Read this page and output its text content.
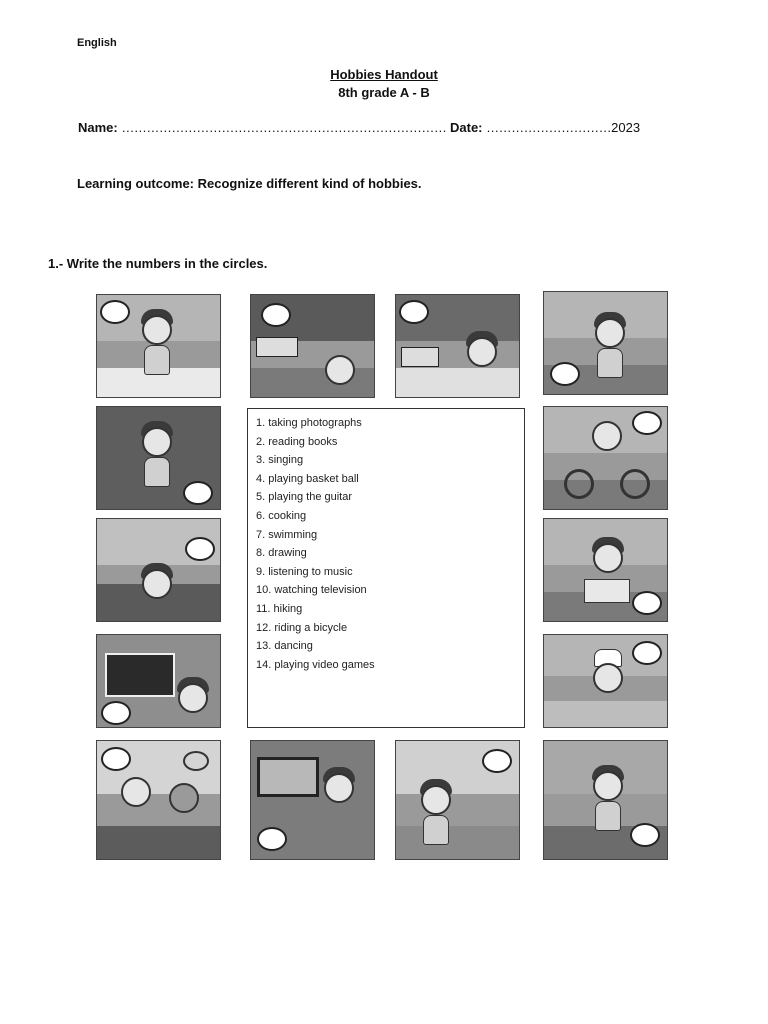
English
Hobbies Handout
8th grade A - B
Name: …………………………………………………………………… Date: …………………………2023
Learning outcome: Recognize different kind of hobbies.
1.- Write the numbers in the circles.
1. taking photographs
2. reading books
3. singing
4. playing basket ball
5. playing the guitar
6. cooking
7. swimming
8. drawing
9. listening to music
10. watching television
11. hiking
12. riding a bicycle
13. dancing
14. playing video games
